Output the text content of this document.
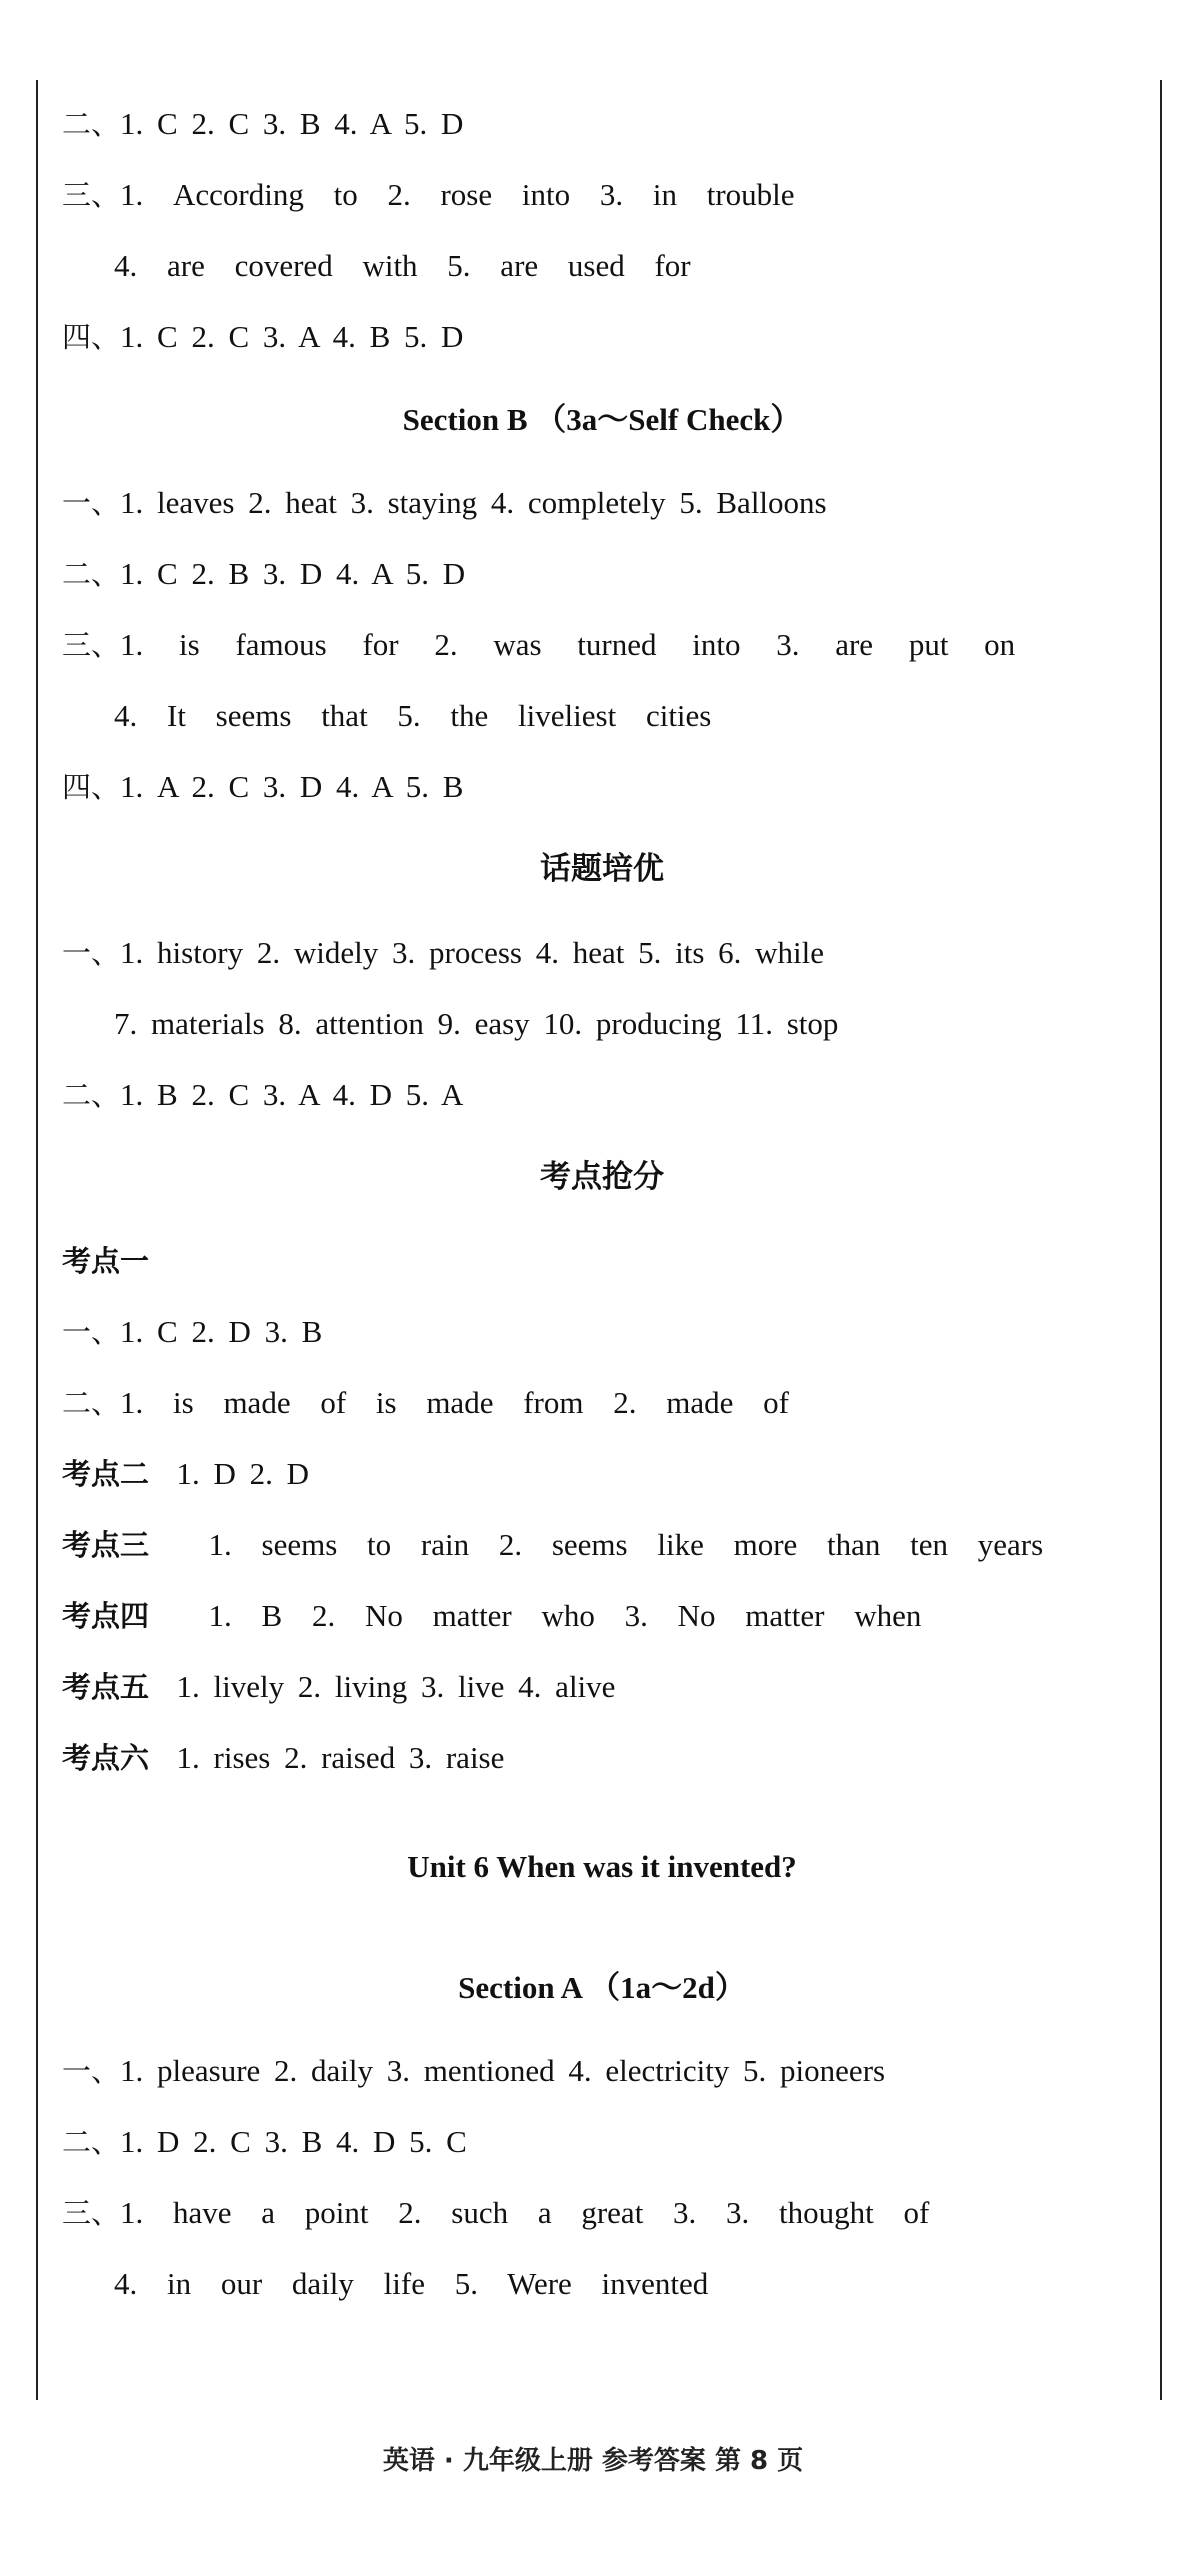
二、1. C 2. C 3. B 4. A 5. D
三、1. According to 2. rose into 3. in trouble
4. are covered with 5. are used for
四、1. C 2. C 3. A 4. B 5. D
Section B （3a～Self Check）
一、1. leaves 2. heat 3. staying 4. completely 5. Balloons
二、1. C 2. B 3. D 4. A 5. D
三、1. is famous for 2. was turned into 3. are put on
4. It seems that 5. the liveliest cities
四、1. A 2. C 3. D 4. A 5. B
话题培优
一、1. history 2. widely 3. process 4. heat 5. its 6. while
7. materials 8. attention 9. easy 10. producing 11. stop
二、1. B 2. C 3. A 4. D 5. A
考点抢分
考点一
一、1. C 2. D 3. B
二、1. is made of is made from 2. made of
考点二 1. D 2. D
考点三 1. seems to rain 2. seems like more than ten years
考点四 1. B 2. No matter who 3. No matter when
考点五 1. lively 2. living 3. live 4. alive
考点六 1. rises 2. raised 3. raise
Unit 6 When was it invented?
Section A （1a～2d）
一、1. pleasure 2. daily 3. mentioned 4. electricity 5. pioneers
二、1. D 2. C 3. B 4. D 5. C
三、1. have a point 2. such a great 3. 3. thought of
4. in our daily life 5. Were invented
英语 · 九年级上册 参考答案 第 8 页
